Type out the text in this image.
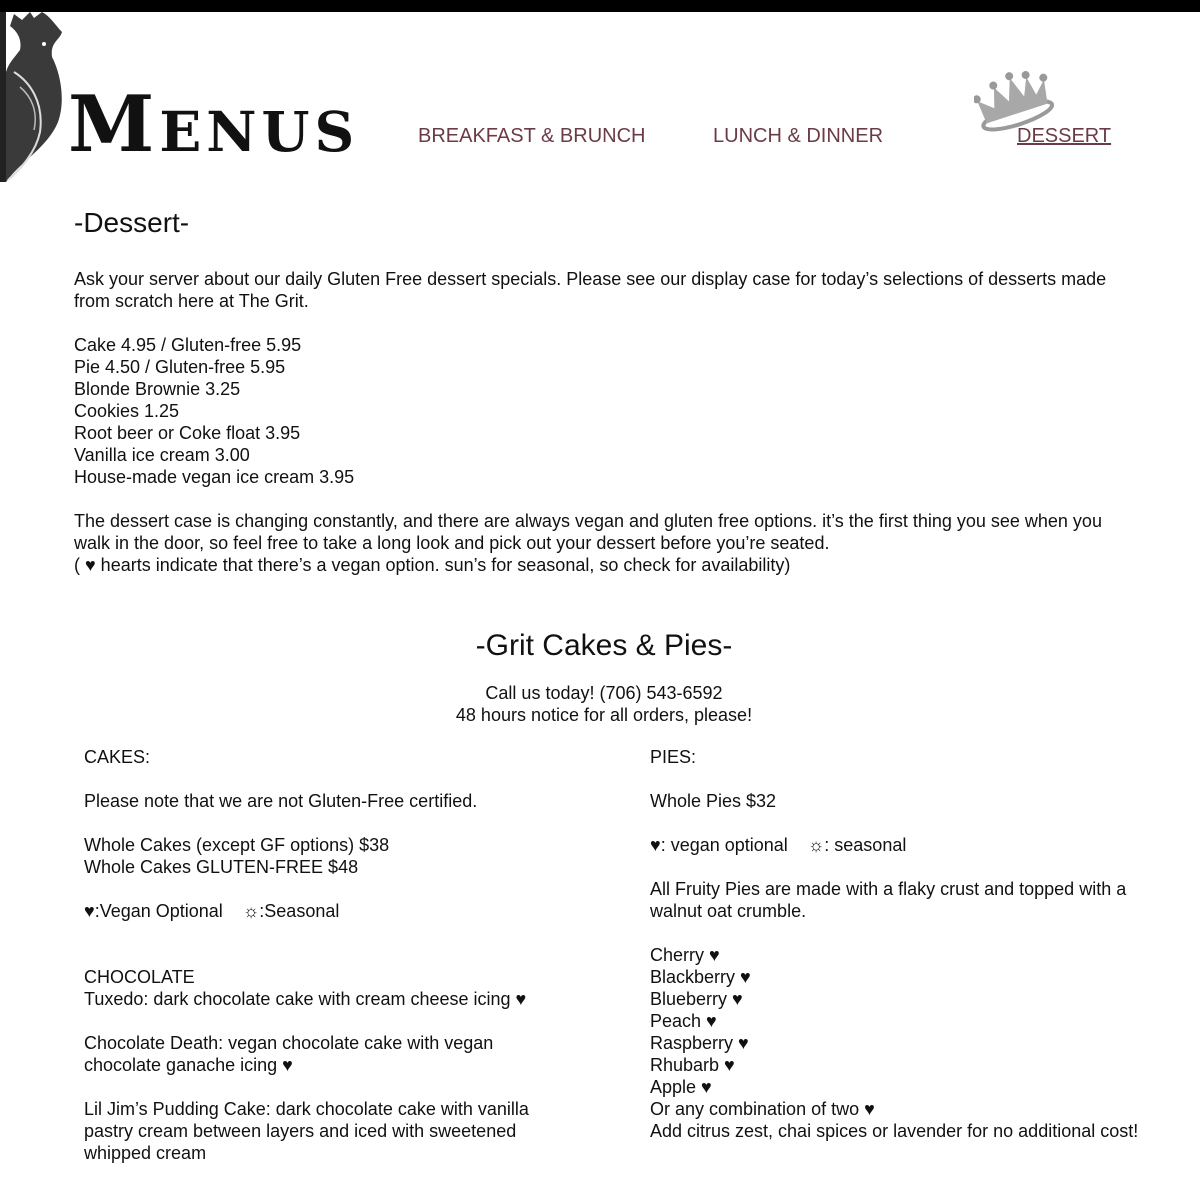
Menus	BREAKFAST & BRUNCH	LUNCH & DINNER	DESSERT
-Dessert-

Ask your server about our daily Gluten Free dessert specials. Please see our display case for today’s selections of desserts made from scratch here at The Grit.

Cake 4.95 / Gluten-free 5.95
Pie 4.50 / Gluten-free 5.95
Blonde Brownie 3.25
Cookies 1.25
Root beer or Coke float 3.95
Vanilla ice cream 3.00
House-made vegan ice cream 3.95

The dessert case is changing constantly, and there are always vegan and gluten free options. it’s the first thing you see when you walk in the door, so feel free to take a long look and pick out your dessert before you’re seated.

( ♥ hearts indicate that there’s a vegan option. sun’s for seasonal, so check for availability)

-Grit Cakes & Pies-

Call us today! (706) 543-6592

48 hours notice for all orders, please!

CAKES:

Please note that we are not Gluten-Free certified.

Whole Cakes (except GF options) $38

Whole Cakes GLUTEN-FREE $48

♥:Vegan Optional    ☼:Seasonal

CHOCOLATE

Tuxedo: dark chocolate cake with cream cheese icing ♥

Chocolate Death: vegan chocolate cake with vegan chocolate ganache icing ♥

Lil Jim’s Pudding Cake: dark chocolate cake with vanilla pastry cream between layers and iced with sweetened whipped cream

PIES:

Whole Pies $32

♥: vegan optional    ☼: seasonal

All Fruity Pies are made with a flaky crust and topped with a walnut oat crumble.

Cherry ♥
Blackberry ♥
Blueberry ♥
Peach ♥
Raspberry ♥
Rhubarb ♥
Apple ♥
Or any combination of two ♥
Add citrus zest, chai spices or lavender for no additional cost!
